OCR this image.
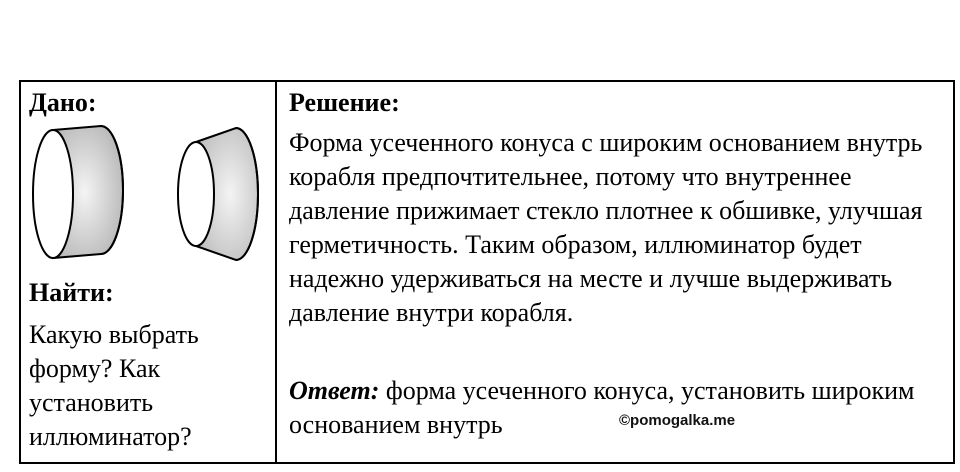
Дано:
Найти:
Какую выбрать форму? Как установить иллюминатор?
Решение:
Форма усеченного конуса с широким основанием внутрь корабля предпочтительнее, потому что внутреннее давление прижимает стекло плотнее к обшивке, улучшая герметичность. Таким образом, иллюминатор будет надежно удерживаться на месте и лучше выдерживать давление внутри корабля.
Ответ: форма усеченного конуса, установить широким основанием внутрь	©pomogalka.me
